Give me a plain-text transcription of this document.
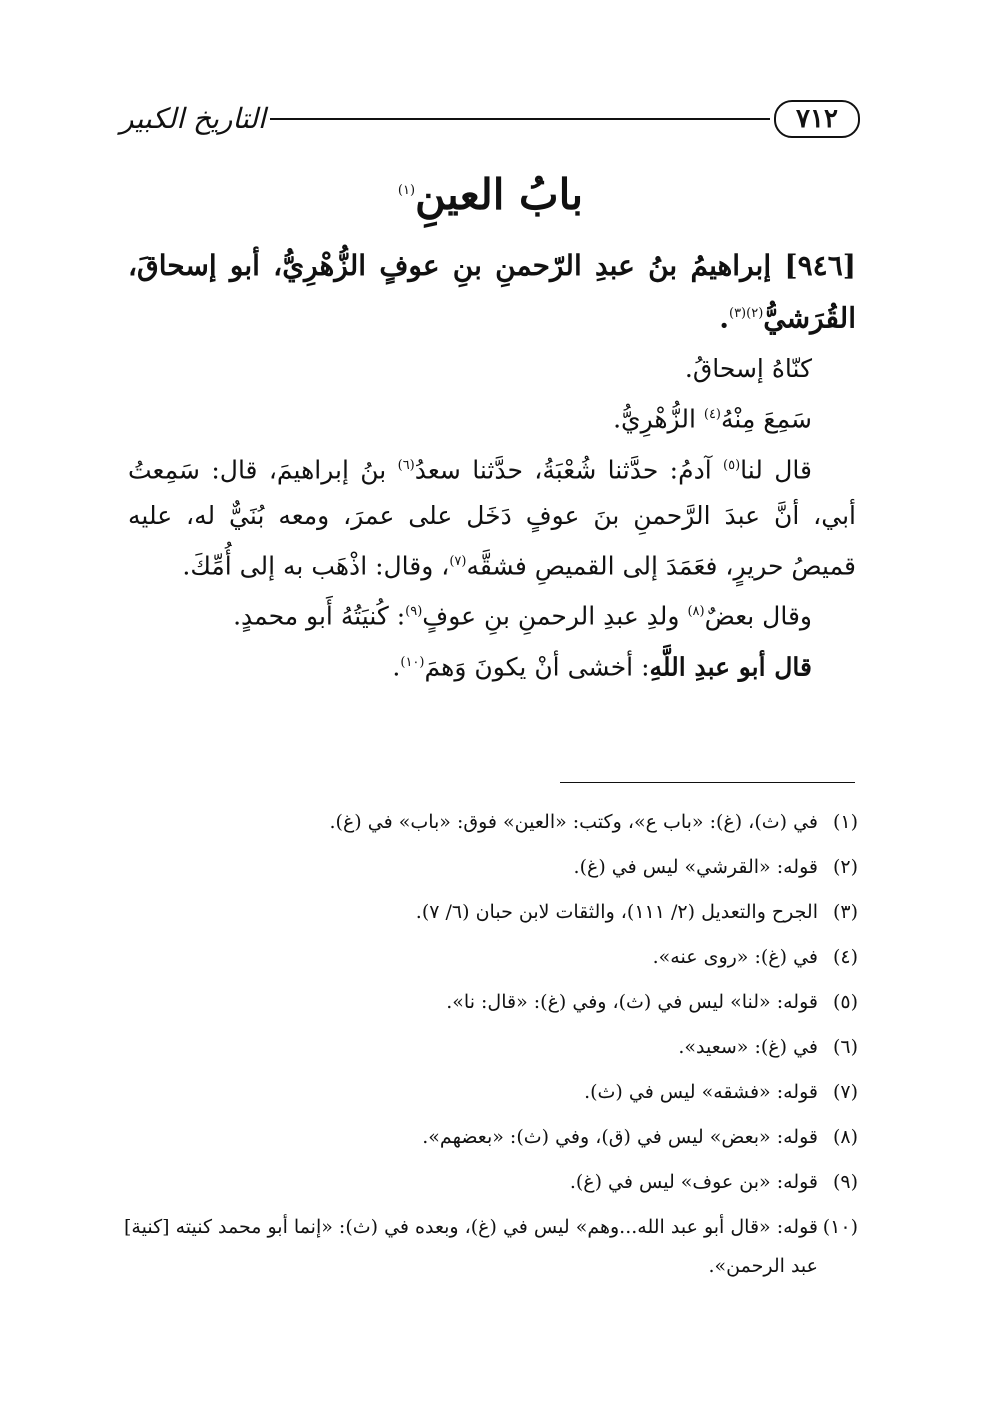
التاريخ الكبير	٧١٢
بابُ العينِ$^{(١)}$

[٩٤٦] إبراهيمُ بنُ عبدِ الرّحمنِ بنِ عوفٍ الزُّهْرِيُّ، أبو إسحاقَ، القُرَشيُّ$^{(٢)(٣)}$.

كنّاهُ إسحاقُ.

سَمِعَ مِنْهُ$^{(٤)}$ الزُّهْرِيُّ.

قال لنا$^{(٥)}$ آدمُ: حدَّثنا شُعْبَةُ، حدَّثنا سعدُ$^{(٦)}$ بنُ إبراهيمَ، قال: سَمِعتُ أبي، أنَّ عبدَ الرَّحمنِ بنَ عوفٍ دَخَل على عمرَ، ومعه بُنَيٌّ له، عليه قميصُ حريرٍ، فعَمَدَ إلى القميصِ فشقَّه$^{(٧)}$، وقال: اذْهَب به إلى أُمِّكَ.

وقال بعضٌ$^{(٨)}$ ولدِ عبدِ الرحمنِ بنِ عوفٍ$^{(٩)}$: كُنيَتُهُ أَبو محمدٍ.

قال أبو عبدِ اللَّهِ: أخشى أنْ يكونَ وَهمَ$^{(١٠)}$.

(١)في (ث)، (غ): «باب ع»، وكتب: «العين» فوق: «باب» في (غ).

(٢)قوله: «القرشي» ليس في (غ).

(٣)الجرح والتعديل (٢/ ١١١)، والثقات لابن حبان (٦/ ٧).

(٤)في (غ): «روى عنه».

(٥)قوله: «لنا» ليس في (ث)، وفي (غ): «قال: نا».

(٦)في (غ): «سعيد».

(٧)قوله: «فشقه» ليس في (ث).

(٨)قوله: «بعض» ليس في (ق)، وفي (ث): «بعضهم».

(٩)قوله: «بن عوف» ليس في (غ).

(١٠)قوله: «قال أبو عبد الله...وهم» ليس في (غ)، وبعده في (ث): «إنما أبو محمد كنيته [كنية]

عبد الرحمن».
